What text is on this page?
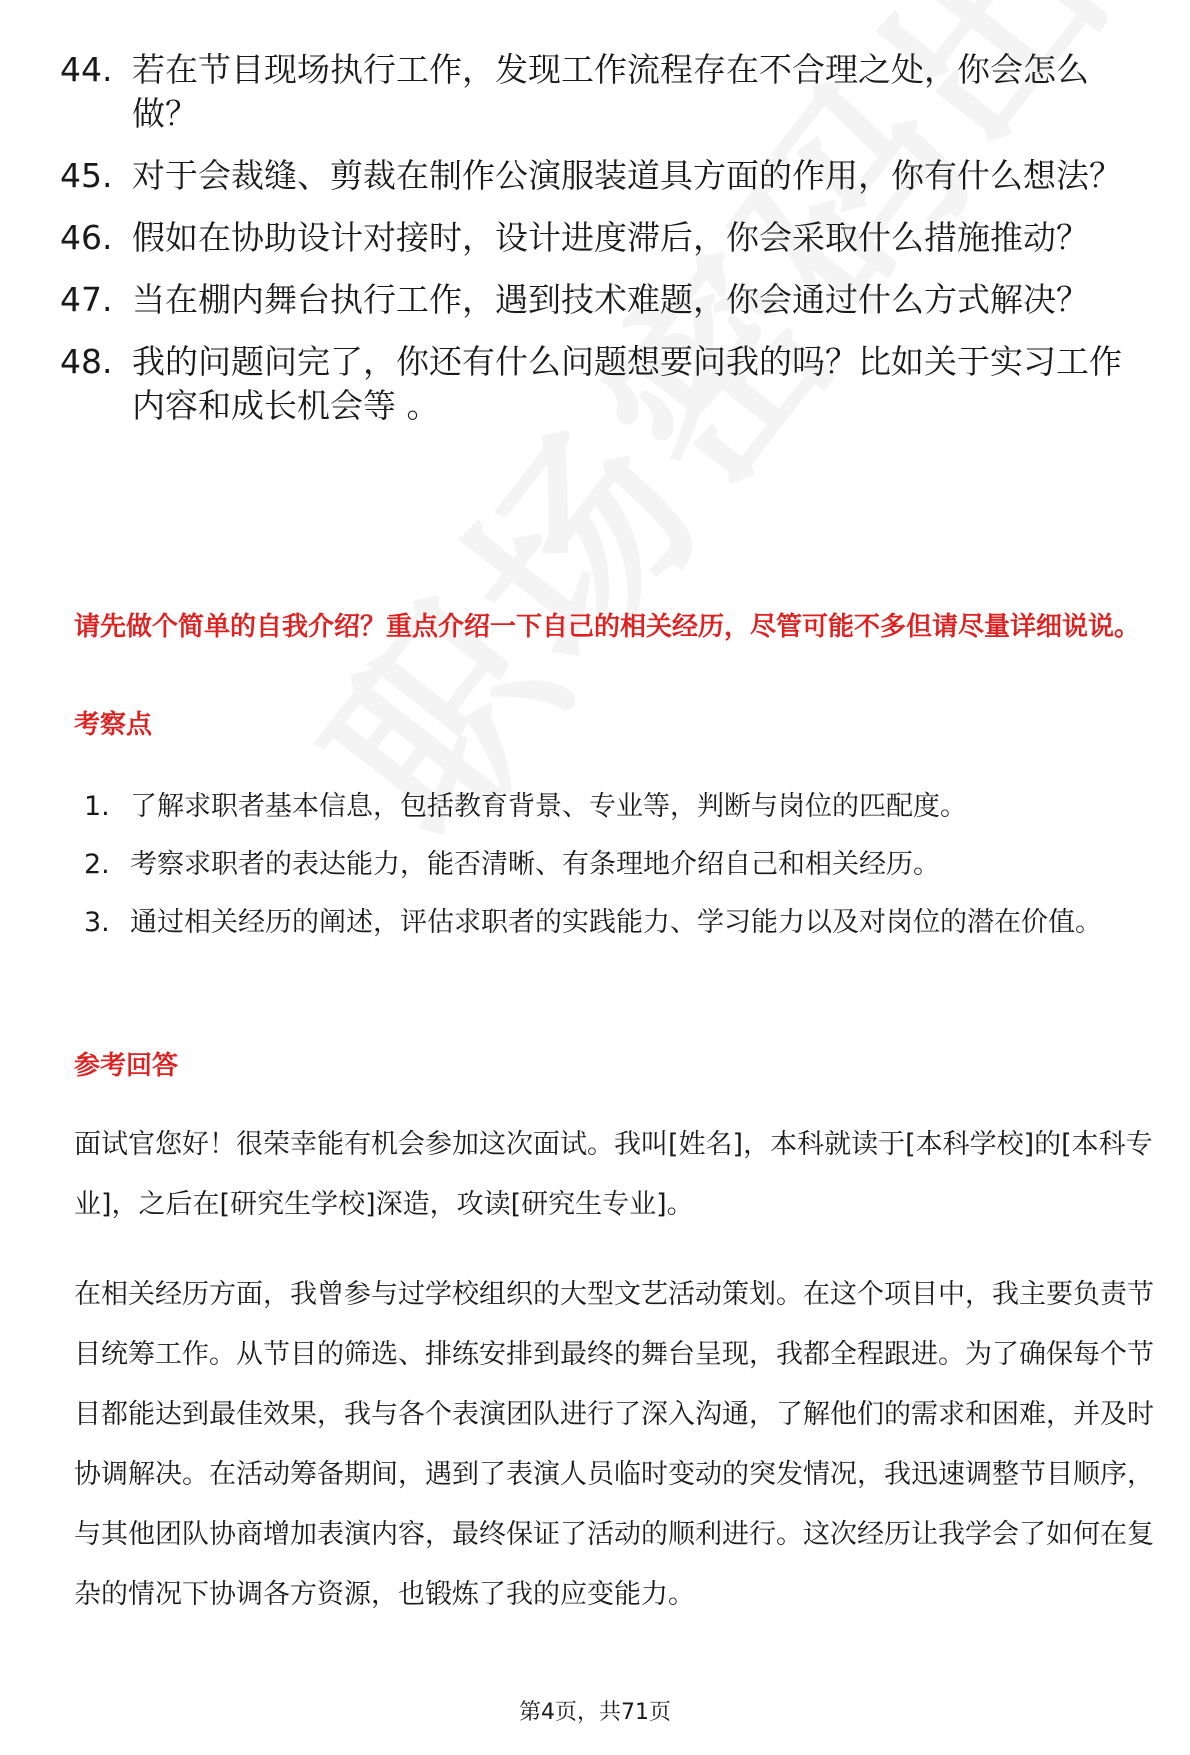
44. 若在节目现场执行工作，发现工作流程存在不合理之处，你会怎么做？
45. 对于会裁缝、剪裁在制作公演服装道具方面的作用，你有什么想法？
46. 假如在协助设计对接时，设计进度滞后，你会采取什么措施推动？
47. 当在棚内舞台执行工作，遇到技术难题，你会通过什么方式解决？
48. 我的问题问完了，你还有什么问题想要问我的吗？比如关于实习工作内容和成长机会等 。
请先做个简单的自我介绍？重点介绍一下自己的相关经历，尽管可能不多但请尽量详细说说。
考察点
1. 了解求职者基本信息，包括教育背景、专业等，判断与岗位的匹配度。
2. 考察求职者的表达能力，能否清晰、有条理地介绍自己和相关经历。
3. 通过相关经历的阐述，评估求职者的实践能力、学习能力以及对岗位的潜在价值。
参考回答

面试官您好！很荣幸能有机会参加这次面试。我叫[姓名]，本科就读于[本科学校]的[本科专业]，之后在[研究生学校]深造，攻读[研究生专业]。

在相关经历方面，我曾参与过学校组织的大型文艺活动策划。在这个项目中，我主要负责节目统筹工作。从节目的筛选、排练安排到最终的舞台呈现，我都全程跟进。为了确保每个节目都能达到最佳效果，我与各个表演团队进行了深入沟通，了解他们的需求和困难，并及时协调解决。在活动筹备期间，遇到了表演人员临时变动的突发情况，我迅速调整节目顺序，与其他团队协商增加表演内容，最终保证了活动的顺利进行。这次经历让我学会了如何在复杂的情况下协调各方资源，也锻炼了我的应变能力。

第4页，共71页
